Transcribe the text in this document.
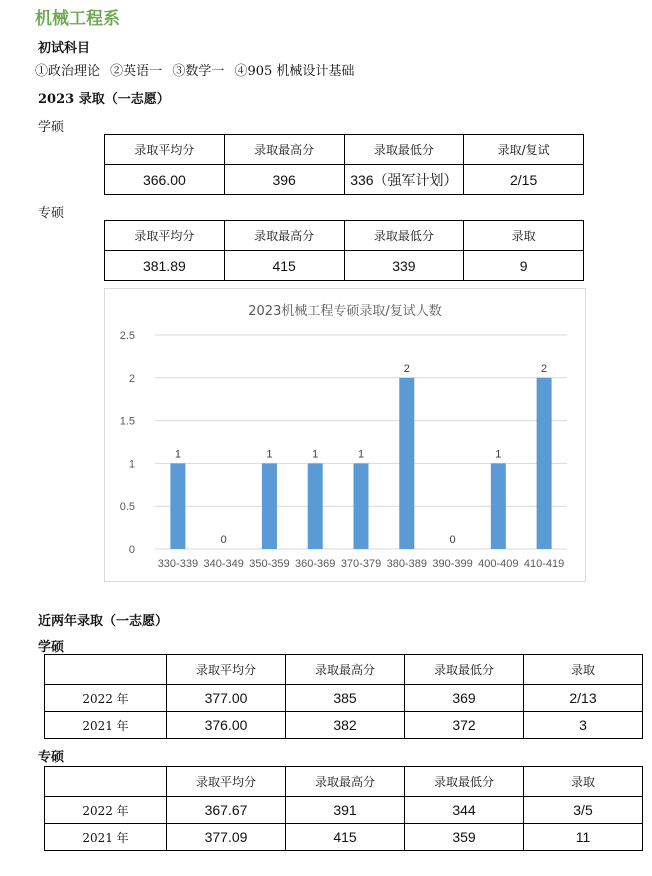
机械工程系
初试科目
①政治理论 ②英语一 ③数学一 ④905 机械设计基础
2023 录取（一志愿）
学硕
录取平均分	录取最高分	录取最低分	录取/复试
366.00	396	336（强军计划）	2/15
专硕
录取平均分	录取最高分	录取最低分	录取
381.89	415	339	9
2023机械工程专硕录取/复试人数
0
0.5
1
1.5
2
2.5
1
330-339
0
340-349
1
350-359
1
360-369
1
370-379
2
380-389
0
390-399
1
400-409
2
410-419
近两年录取（一志愿）
学硕
	录取平均分	录取最高分	录取最低分	录取
2022 年	377.00	385	369	2/13
2021 年	376.00	382	372	3
专硕
	录取平均分	录取最高分	录取最低分	录取
2022 年	367.67	391	344	3/5
2021 年	377.09	415	359	11
